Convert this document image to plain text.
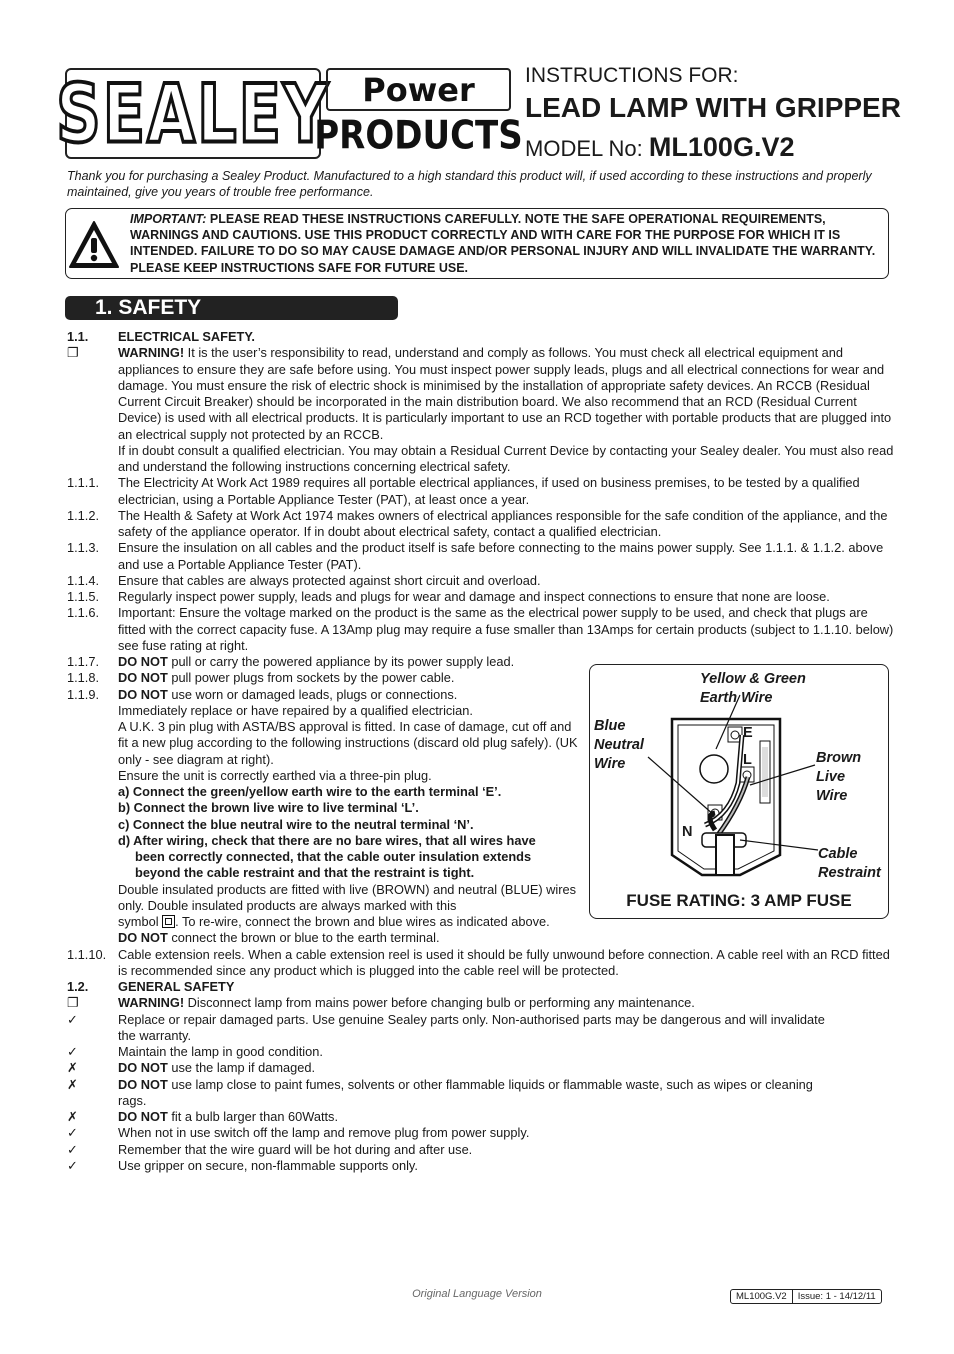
SEALEY	Power
PRODUCTS
INSTRUCTIONS FOR:
LEAD LAMP WITH GRIPPER
MODEL No: ML100G.V2
Thank you for purchasing a Sealey Product. Manufactured to a high standard this product will, if used according to these instructions and properly maintained, give you years of trouble free performance.
IMPORTANT: PLEASE READ THESE INSTRUCTIONS CAREFULLY. NOTE THE SAFE OPERATIONAL REQUIREMENTS, WARNINGS AND CAUTIONS. USE THIS PRODUCT CORRECTLY AND WITH CARE FOR THE PURPOSE FOR WHICH IT IS INTENDED. FAILURE TO DO SO MAY CAUSE DAMAGE AND/OR PERSONAL INJURY AND WILL INVALIDATE THE WARRANTY. PLEASE KEEP INSTRUCTIONS SAFE FOR FUTURE USE.
1. SAFETY
1.1.	ELECTRICAL SAFETY.
❐	WARNING! It is the user’s responsibility to read, understand and comply as follows. You must check all electrical equipment and appliances to ensure they are safe before using. You must inspect power supply leads, plugs and all electrical connections for wear and damage. You must ensure the risk of electric shock is minimised by the installation of appropriate safety devices. An RCCB (Residual Current Circuit Breaker) should be incorporated in the main distribution board. We also recommend that an RCD (Residual Current Device) is used with all electrical products. It is particularly important to use an RCD together with portable products that are plugged into an electrical supply not protected by an RCCB.
If in doubt consult a qualified electrician. You may obtain a Residual Current Device by contacting your Sealey dealer. You must also read and understand the following instructions concerning electrical safety.
1.1.1.	The Electricity At Work Act 1989 requires all portable electrical appliances, if used on business premises, to be tested by a qualified electrician, using a Portable Appliance Tester (PAT), at least once a year.
1.1.2.	The Health & Safety at Work Act 1974 makes owners of electrical appliances responsible for the safe condition of the appliance, and the safety of the appliance operator. If in doubt about electrical safety, contact a qualified electrician.
1.1.3.	Ensure the insulation on all cables and the product itself is safe before connecting to the mains power supply. See 1.1.1. & 1.1.2. above and use a Portable Appliance Tester (PAT).
1.1.4.	Ensure that cables are always protected against short circuit and overload.
1.1.5.	Regularly inspect power supply, leads and plugs for wear and damage and inspect connections to ensure that none are loose.
1.1.6.	Important: Ensure the voltage marked on the product is the same as the electrical power supply to be used, and check that plugs are fitted with the correct capacity fuse. A 13Amp plug may require a fuse smaller than 13Amps for certain products (subject to 1.1.10. below) see fuse rating at right.
1.1.7.	DO NOT pull or carry the powered appliance by its power supply lead.
1.1.8.	DO NOT pull power plugs from sockets by the power cable.
1.1.9.	DO NOT use worn or damaged leads, plugs or connections.
Immediately replace or have repaired by a qualified electrician.
A U.K. 3 pin plug with ASTA/BS approval is fitted. In case of damage, cut off and fit a new plug according to the following instructions (discard old plug safely). (UK only - see diagram at right).
Ensure the unit is correctly earthed via a three-pin plug.
a) Connect the green/yellow earth wire to the earth terminal ‘E’.
b) Connect the brown live wire to live terminal ‘L’.
c) Connect the blue neutral wire to the neutral terminal ‘N’.
d) After wiring, check that there are no bare wires, that all wires have
been correctly connected, that the cable outer insulation extends
beyond the cable restraint and that the restraint is tight.
Double insulated products are fitted with live (BROWN) and neutral (BLUE) wires only. Double insulated products are always marked with this
symbol
. To re-wire, connect the brown and blue wires as indicated above.
DO NOT connect the brown or blue to the earth terminal.
1.1.10. Cable extension reels. When a cable extension reel is used it should be fully unwound before connection. A cable reel with an RCD fitted is recommended since any product which is plugged into the cable reel will be protected.
1.2.	GENERAL SAFETY
❐	WARNING! Disconnect lamp from mains power before changing bulb or performing any maintenance.
✓	Replace or repair damaged parts. Use genuine Sealey parts only. Non-authorised parts may be dangerous and will invalidate the warranty.
✓	Maintain the lamp in good condition.
✗	DO NOT use the lamp if damaged.
✗	DO NOT use lamp close to paint fumes, solvents or other flammable liquids or flammable waste, such as wipes or cleaning rags.
✗	DO NOT fit a bulb larger than 60Watts.
✓	When not in use switch off the lamp and remove plug from power supply.
✓	Remember that the wire guard will be hot during and after use.
✓	Use gripper on secure, non-flammable supports only.
Yellow & Green Earth Wire
Blue Neutral Wire	Brown Live Wire
Cable Restraint
E
L
N
FUSE RATING: 3 AMP FUSE
Original Language Version	ML100G.V2	Issue: 1 - 14/12/11
